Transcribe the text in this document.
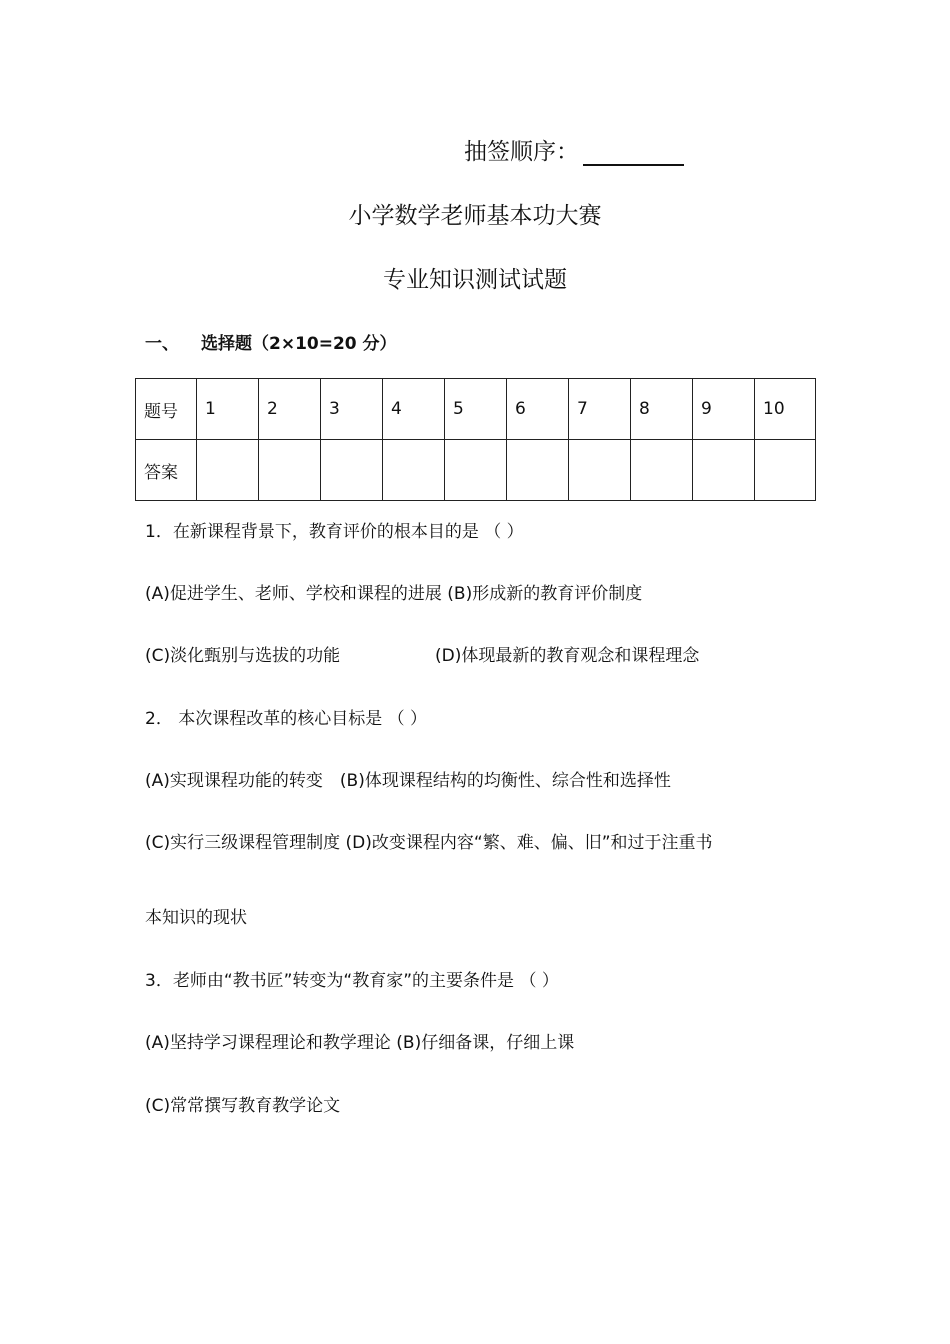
抽签顺序：
小学数学老师基本功大赛
专业知识测试试题
一、 选择题（2×10=20 分）
题号	1	2	3	4	5	6	7	8	9	10
答案										
1．在新课程背景下，教育评价的根本目的是 （ ）
(A)促进学生、老师、学校和课程的进展 (B)形成新的教育评价制度
(C)淡化甄别与选拔的功能	(D)体现最新的教育观念和课程理念
2． 本次课程改革的核心目标是 （ ）
(A)实现课程功能的转变　(B)体现课程结构的均衡性、综合性和选择性
(C)实行三级课程管理制度 (D)改变课程内容“繁、难、偏、旧”和过于注重书
本知识的现状
3．老师由“教书匠”转变为“教育家”的主要条件是 （ ）
(A)坚持学习课程理论和教学理论 (B)仔细备课，仔细上课
(C)常常撰写教育教学论文
